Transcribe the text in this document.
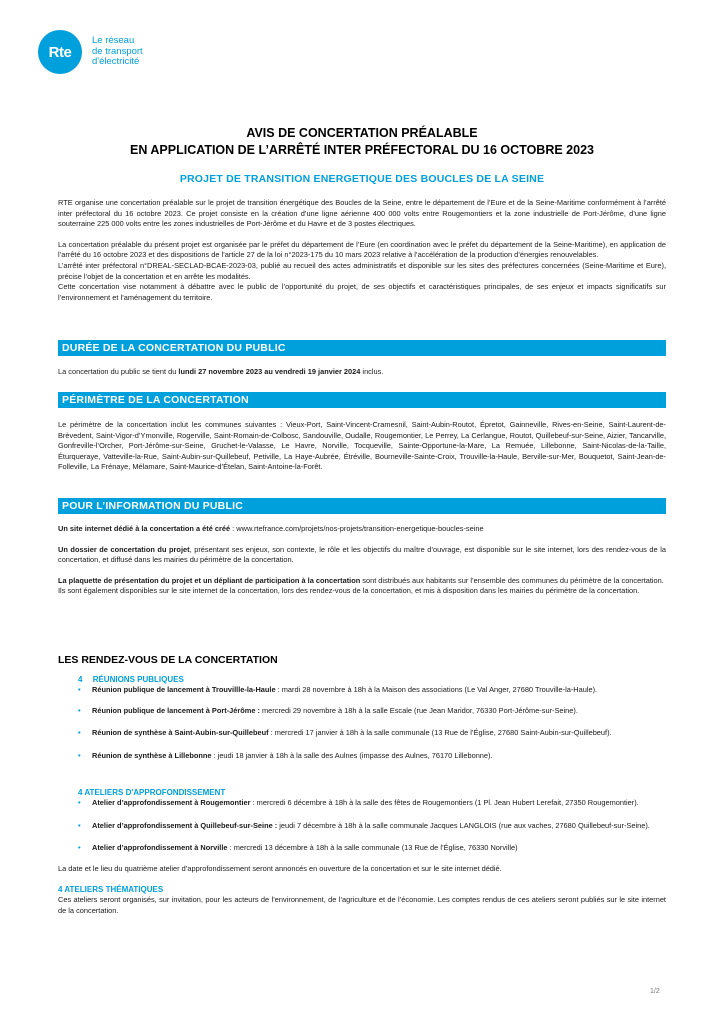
Rte
Le réseau
de transport
d'électricité
AVIS DE CONCERTATION PRÉALABLE
EN APPLICATION DE L’ARRÊTÉ INTER PRÉFECTORAL DU 16 OCTOBRE 2023
PROJET DE TRANSITION ENERGETIQUE DES BOUCLES DE LA SEINE

RTE organise une concertation préalable sur le projet de transition énergétique des Boucles de la Seine, entre le département de l’Eure et de la Seine-Maritime conformément à l’arrêté inter préfectoral du 16 octobre 2023. Ce projet consiste en la création d’une ligne aérienne 400 000 volts entre Rougemontiers et la zone industrielle de Port-Jérôme, d’une ligne souterraine 225 000 volts entre les zones industrielles de Port-Jérôme et du Havre et de 3 postes électriques.

La concertation préalable du présent projet est organisée par le préfet du département de l’Eure (en coordination avec le préfet du département de la Seine-Maritime), en application de l’arrêté du 16 octobre 2023 et des dispositions de l’article 27 de la loi n°2023-175 du 10 mars 2023 relative à l’accélération de la production d’énergies renouvelables.

L’arrêté inter préfectoral n°DREAL-SECLAD-BCAE-2023-03, publié au recueil des actes administratifs et disponible sur les sites des préfectures concernées (Seine-Maritime et Eure), précise l’objet de la concertation et en arrête les modalités.

Cette concertation vise notamment à débattre avec le public de l’opportunité du projet, de ses objectifs et caractéristiques principales, de ses enjeux et impacts significatifs sur l’environnement et l’aménagement du territoire.

DURÉE DE LA CONCERTATION DU PUBLIC

La concertation du public se tient du lundi 27 novembre 2023 au vendredi 19 janvier 2024 inclus.

PÉRIMÈTRE DE LA CONCERTATION

Le périmètre de la concertation inclut les communes suivantes : Vieux-Port, Saint-Vincent-Cramesnil, Saint-Aubin-Routot, Épretot, Gainneville, Rives-en-Seine, Saint-Laurent-de-Brèvedent, Saint-Vigor-d’Ymonville, Rogerville, Saint-Romain-de-Colbosc, Sandouville, Oudalle, Rougemontier, Le Perrey, La Cerlangue, Routot, Quillebeuf-sur-Seine, Aizier, Tancarville, Gonfreville-l’Orcher, Port-Jérôme-sur-Seine, Gruchet-le-Valasse, Le Havre, Norville, Tocqueville, Sainte-Opportune-la-Mare, La Remuée, Lillebonne, Saint-Nicolas-de-la-Taille, Éturqueraye, Vatteville-la-Rue, Saint-Aubin-sur-Quillebeuf, Petiville, La Haye-Aubrée, Étréville, Bourneville-Sainte-Croix, Trouville-la-Haule, Berville-sur-Mer, Bouquetot, Saint-Jean-de-Folleville, La Frénaye, Mélamare, Saint-Maurice-d’Ételan, Saint-Antoine-la-Forêt.

POUR L’INFORMATION DU PUBLIC

Un site internet dédié à la concertation a été créé : www.rtefrance.com/projets/nos-projets/transition-energetique-boucles-seine

Un dossier de concertation du projet, présentant ses enjeux, son contexte, le rôle et les objectifs du maître d’ouvrage, est disponible sur le site internet, lors des rendez-vous de la concertation, et diffusé dans les mairies du périmètre de la concertation.

La plaquette de présentation du projet et un dépliant de participation à la concertation sont distribués aux habitants sur l’ensemble des communes du périmètre de la concertation.

Ils sont également disponibles sur le site internet de la concertation, lors des rendez-vous de la concertation, et mis à disposition dans les mairies du périmètre de la concertation.

LES RENDEZ-VOUS DE LA CONCERTATION
4 RÉUNIONS PUBLIQUES
• Réunion publique de lancement à Trouvillle-la-Haule : mardi 28 novembre à 18h à la Maison des associations (Le Val Anger, 27680 Trouville-la-Haule).
• Réunion publique de lancement à Port-Jérôme : mercredi 29 novembre à 18h à la salle Escale (rue Jean Maridor, 76330 Port-Jérôme-sur-Seine).
• Réunion de synthèse à Saint-Aubin-sur-Quillebeuf : mercredi 17 janvier à 18h à la salle communale (13 Rue de l’Église, 27680 Saint-Aubin-sur-Quillebeuf).
• Réunion de synthèse à Lillebonne : jeudi 18 janvier à 18h à la salle des Aulnes (impasse des Aulnes, 76170 Lillebonne).
4 ATELIERS D'APPROFONDISSEMENT
• Atelier d’approfondissement à Rougemontier : mercredi 6 décembre à 18h à la salle des fêtes de Rougemontiers (1 Pl. Jean Hubert Lerefait, 27350 Rougemontier).
• Atelier d’approfondissement à Quillebeuf-sur-Seine : jeudi 7 décembre à 18h à la salle communale Jacques LANGLOIS (rue aux vaches, 27680 Quillebeuf-sur-Seine).
• Atelier d’approfondissement à Norville : mercredi 13 décembre à 18h à la salle communale (13 Rue de l’Église, 76330 Norville)

La date et le lieu du quatrième atelier d’approfondissement seront annoncés en ouverture de la concertation et sur le site internet dédié.

4 ATELIERS THÉMATIQUES

Ces ateliers seront organisés, sur invitation, pour les acteurs de l’environnement, de l’agriculture et de l’économie. Les comptes rendus de ces ateliers seront publiés sur le site internet de la concertation.

1/2
